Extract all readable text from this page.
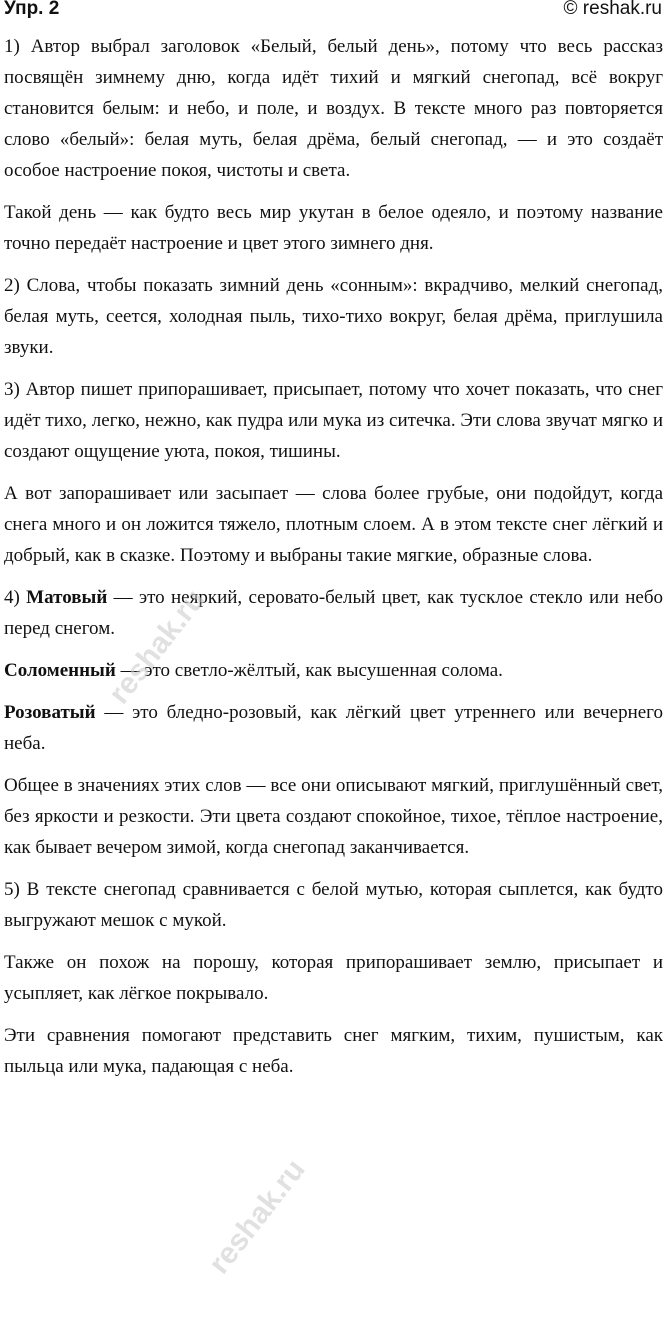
Упр. 2	© reshak.ru

1) Автор выбрал заголовок «Белый, белый день», потому что весь рассказ посвящён зимнему дню, когда идёт тихий и мягкий снегопад, всё вокруг становится белым: и небо, и поле, и воздух. В тексте много раз повторяется слово «белый»: белая муть, белая дрёма, белый снегопад, — и это создаёт особое настроение покоя, чистоты и света.

Такой день — как будто весь мир укутан в белое одеяло, и поэтому название точно передаёт настроение и цвет этого зимнего дня.

2) Слова, чтобы показать зимний день «сонным»: вкрадчиво, мелкий снегопад, белая муть, сеется, холодная пыль, тихо-тихо вокруг, белая дрёма, приглушила звуки.

3) Автор пишет припорашивает, присыпает, потому что хочет показать, что снег идёт тихо, легко, нежно, как пудра или мука из ситечка. Эти слова звучат мягко и создают ощущение уюта, покоя, тишины.

А вот запорашивает или засыпает — слова более грубые, они подойдут, когда снега много и он ложится тяжело, плотным слоем. А в этом тексте снег лёгкий и добрый, как в сказке. Поэтому и выбраны такие мягкие, образные слова.

4) Матовый — это неяркий, серовато-белый цвет, как тусклое стекло или небо перед снегом.

Соломенный — это светло-жёлтый, как высушенная солома.

Розоватый — это бледно-розовый, как лёгкий цвет утреннего или вечернего неба.

Общее в значениях этих слов — все они описывают мягкий, приглушённый свет, без яркости и резкости. Эти цвета создают спокойное, тихое, тёплое настроение, как бывает вечером зимой, когда снегопад заканчивается.

5) В тексте снегопад сравнивается с белой мутью, которая сыплется, как будто выгружают мешок с мукой.

Также он похож на порошу, которая припорашивает землю, присыпает и усыпляет, как лёгкое покрывало.

Эти сравнения помогают представить снег мягким, тихим, пушистым, как пыльца или мука, падающая с неба.

reshak.ru
reshak.ru
